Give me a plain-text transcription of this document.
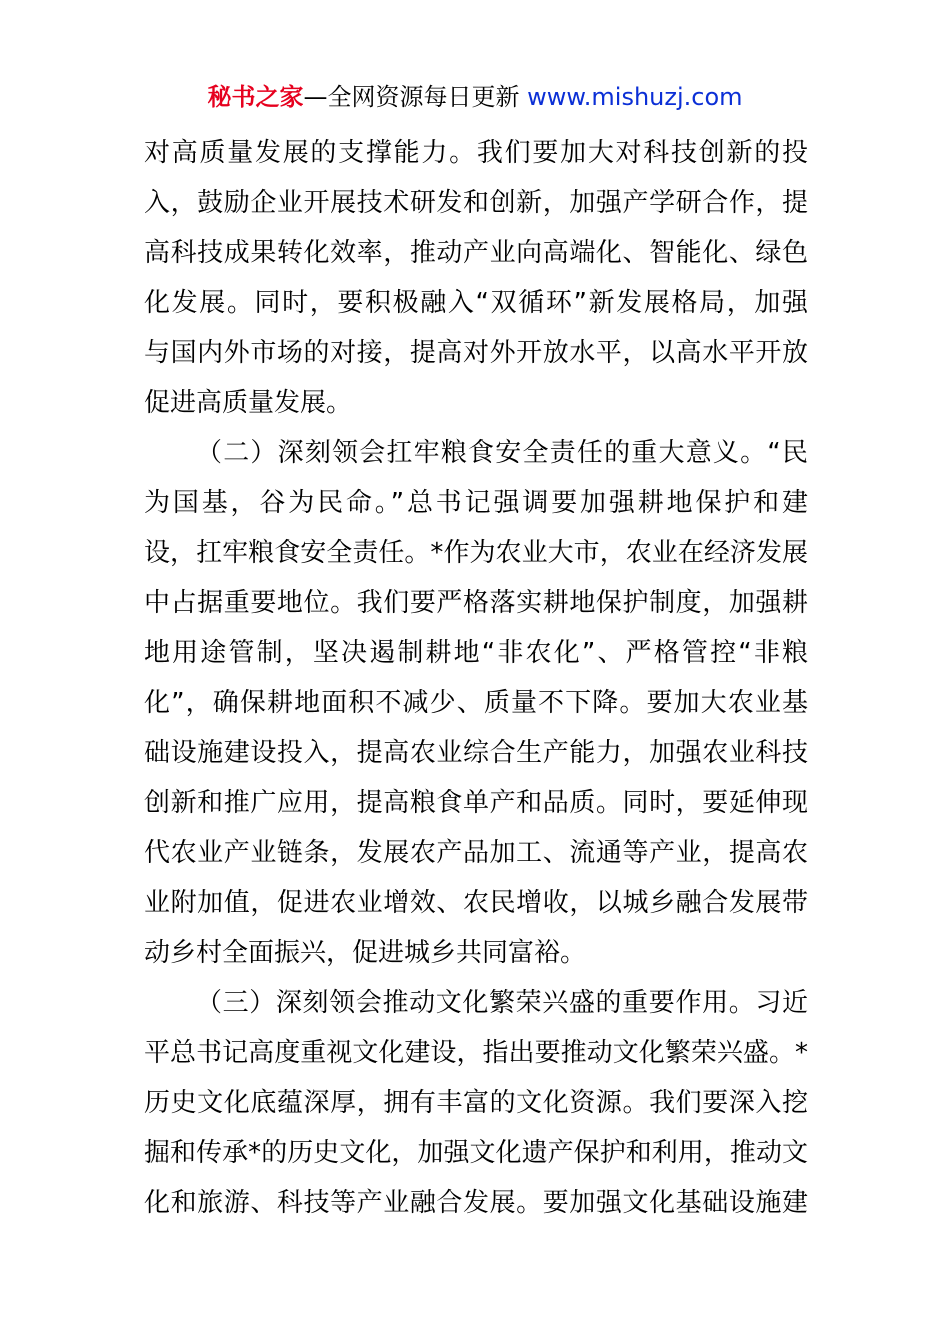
秘书之家—全网资源每日更新 www.mishuzj.com
对高质量发展的支撑能力。我们要加大对科技创新的投
入，鼓励企业开展技术研发和创新，加强产学研合作，提
高科技成果转化效率，推动产业向高端化、智能化、绿色
化发展。同时，要积极融入“双循环”新发展格局，加强
与国内外市场的对接，提高对外开放水平，以高水平开放
促进高质量发展。
（二）深刻领会扛牢粮食安全责任的重大意义。“民
为国基，谷为民命。”总书记强调要加强耕地保护和建
设，扛牢粮食安全责任。*作为农业大市，农业在经济发展
中占据重要地位。我们要严格落实耕地保护制度，加强耕
地用途管制，坚决遏制耕地“非农化”、严格管控“非粮
化”，确保耕地面积不减少、质量不下降。要加大农业基
础设施建设投入，提高农业综合生产能力，加强农业科技
创新和推广应用，提高粮食单产和品质。同时，要延伸现
代农业产业链条，发展农产品加工、流通等产业，提高农
业附加值，促进农业增效、农民增收，以城乡融合发展带
动乡村全面振兴，促进城乡共同富裕。
（三）深刻领会推动文化繁荣兴盛的重要作用。习近
平总书记高度重视文化建设，指出要推动文化繁荣兴盛。*
历史文化底蕴深厚，拥有丰富的文化资源。我们要深入挖
掘和传承*的历史文化，加强文化遗产保护和利用，推动文
化和旅游、科技等产业融合发展。要加强文化基础设施建
